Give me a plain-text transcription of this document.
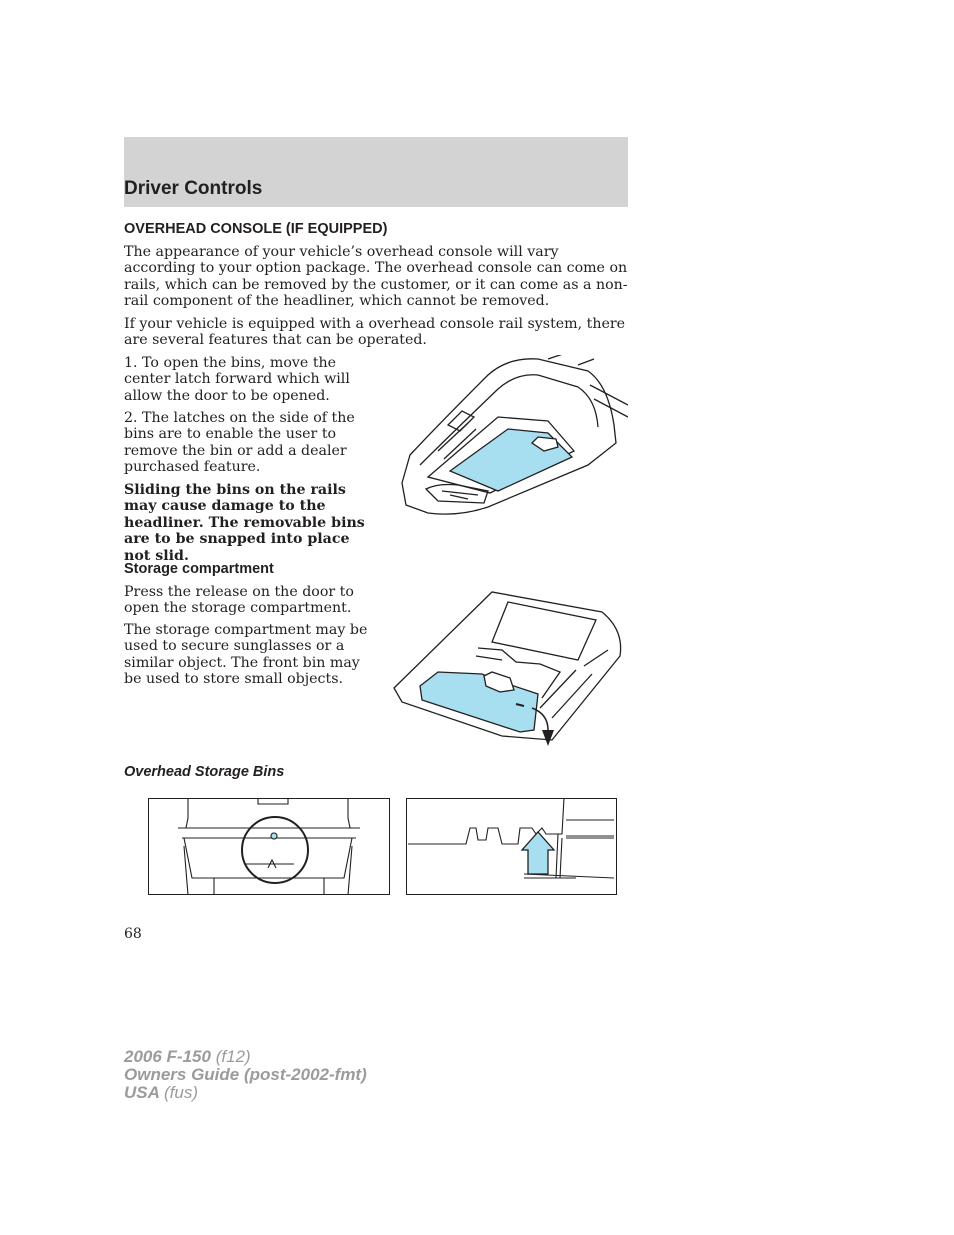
Driver Controls
OVERHEAD CONSOLE (IF EQUIPPED)

The appearance of your vehicle’s overhead console will vary according to your option package. The overhead console can come on rails, which can be removed by the customer, or it can come as a non-rail component of the headliner, which cannot be removed.

If your vehicle is equipped with a overhead console rail system, there are several features that can be operated.

1. To open the bins, move the center latch forward which will allow the door to be opened.

2. The latches on the side of the bins are to enable the user to remove the bin or add a dealer purchased feature.

Sliding the bins on the rails may cause damage to the headliner. The removable bins are to be snapped into place not slid.

Storage compartment

Press the release on the door to open the storage compartment.

The storage compartment may be used to secure sunglasses or a similar object. The front bin may be used to store small objects.

Overhead Storage Bins

68

2006 F-150 (f12)
Owners Guide (post-2002-fmt)
USA (fus)
